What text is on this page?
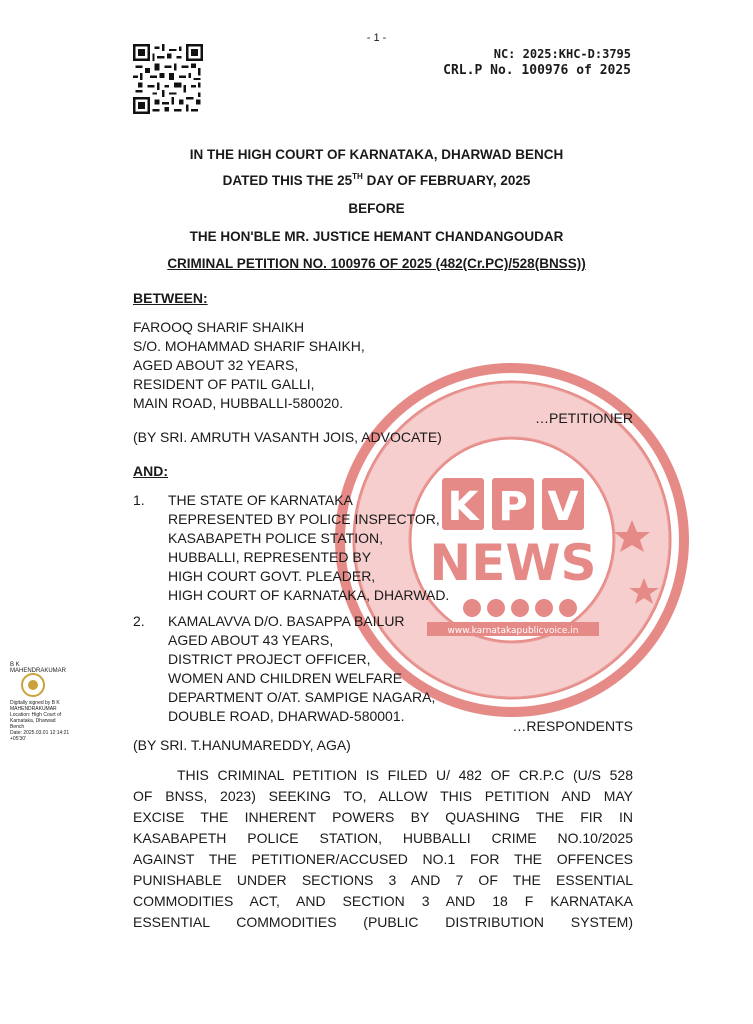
- 1 -
NC: 2025:KHC-D:3795
CRL.P No. 100976 of 2025
IN THE HIGH COURT OF KARNATAKA, DHARWAD BENCH
DATED THIS THE 25TH DAY OF FEBRUARY, 2025
BEFORE
THE HON'BLE MR. JUSTICE HEMANT CHANDANGOUDAR
CRIMINAL PETITION NO. 100976 OF 2025 (482(Cr.PC)/528(BNSS))
K P V
NEWS
www.karnatakapublicvoice.in
BETWEEN:
FAROOQ SHARIF SHAIKH
S/O. MOHAMMAD SHARIF SHAIKH,
AGED ABOUT 32 YEARS,
RESIDENT OF PATIL GALLI,
MAIN ROAD, HUBBALLI-580020.
…PETITIONER
(BY SRI. AMRUTH VASANTH JOIS, ADVOCATE)
AND:
1. THE STATE OF KARNATAKA
REPRESENTED BY POLICE INSPECTOR,
KASABAPETH POLICE STATION,
HUBBALLI, REPRESENTED BY
HIGH COURT GOVT. PLEADER,
HIGH COURT OF KARNATAKA, DHARWAD.
2. KAMALAVVA D/O. BASAPPA BAILUR
AGED ABOUT 43 YEARS,
DISTRICT PROJECT OFFICER,
WOMEN AND CHILDREN WELFARE
DEPARTMENT O/AT. SAMPIGE NAGARA,
DOUBLE ROAD, DHARWAD-580001.
…RESPONDENTS
(BY SRI. T.HANUMAREDDY, AGA)
B K
MAHENDRAKUMAR
Digitally signed by B K
MAHENDRAKUMAR
Location: High Court of
Karnataka, Dharwad
Bench
Date: 2025.03.01 12:14:21
+05'30'
THIS CRIMINAL PETITION IS FILED U/ 482 OF CR.P.C (U/S 528
OF BNSS, 2023) SEEKING TO, ALLOW THIS PETITION AND MAY
EXCISE THE INHERENT POWERS BY QUASHING THE FIR IN
KASABAPETH POLICE STATION, HUBBALLI CRIME NO.10/2025
AGAINST THE PETITIONER/ACCUSED NO.1 FOR THE OFFENCES
PUNISHABLE UNDER SECTIONS 3 AND 7 OF THE ESSENTIAL
COMMODITIES ACT, AND SECTION 3 AND 18 F KARNATAKA
ESSENTIAL COMMODITIES (PUBLIC DISTRIBUTION SYSTEM)
